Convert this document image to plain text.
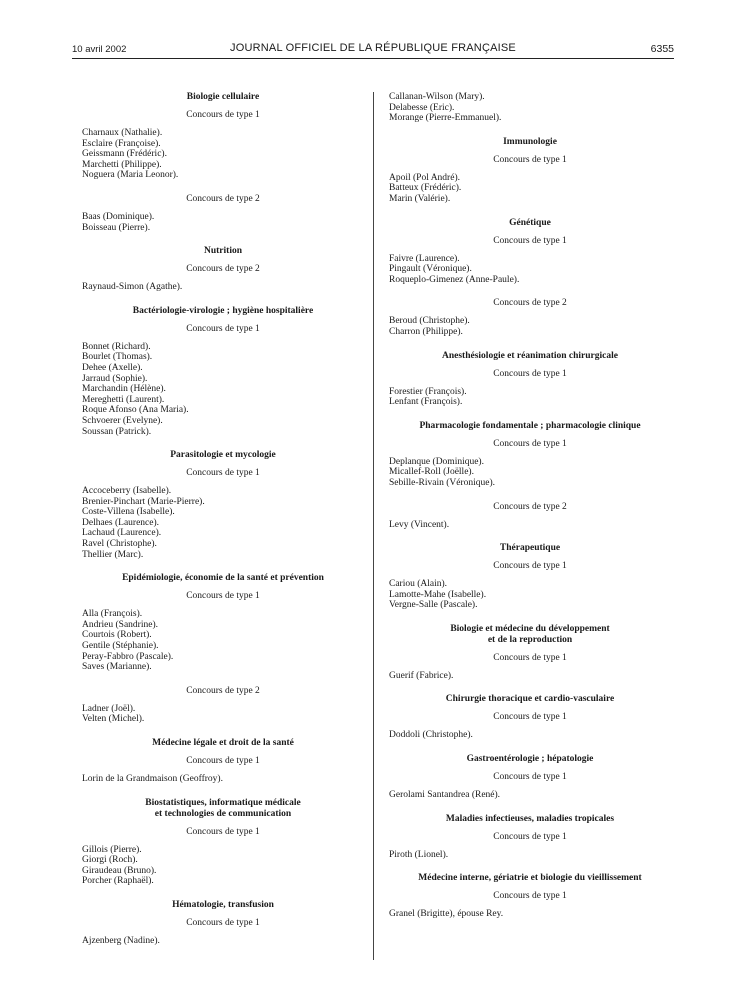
10 avril 2002	JOURNAL OFFICIEL DE LA RÉPUBLIQUE FRANÇAISE	6355
Biologie cellulaire
Concours de type 1
Charnaux (Nathalie).
Esclaire (Françoise).
Geissmann (Frédéric).
Marchetti (Philippe).
Noguera (Maria Leonor).
Concours de type 2
Baas (Dominique).
Boisseau (Pierre).
Nutrition
Concours de type 2
Raynaud-Simon (Agathe).
Bactériologie-virologie ; hygiène hospitalière
Concours de type 1
Bonnet (Richard).
Bourlet (Thomas).
Dehee (Axelle).
Jarraud (Sophie).
Marchandin (Hélène).
Mereghetti (Laurent).
Roque Afonso (Ana Maria).
Schvoerer (Evelyne).
Soussan (Patrick).
Parasitologie et mycologie
Concours de type 1
Accoceberry (Isabelle).
Brenier-Pinchart (Marie-Pierre).
Coste-Villena (Isabelle).
Delhaes (Laurence).
Lachaud (Laurence).
Ravel (Christophe).
Thellier (Marc).
Epidémiologie, économie de la santé et prévention
Concours de type 1
Alla (François).
Andrieu (Sandrine).
Courtois (Robert).
Gentile (Stéphanie).
Peray-Fabbro (Pascale).
Saves (Marianne).
Concours de type 2
Ladner (Joël).
Velten (Michel).
Médecine légale et droit de la santé
Concours de type 1
Lorin de la Grandmaison (Geoffroy).
Biostatistiques, informatique médicale
et technologies de communication
Concours de type 1
Gillois (Pierre).
Giorgi (Roch).
Giraudeau (Bruno).
Porcher (Raphaël).
Hématologie, transfusion
Concours de type 1
Ajzenberg (Nadine).
Callanan-Wilson (Mary).
Delabesse (Eric).
Morange (Pierre-Emmanuel).
Immunologie
Concours de type 1
Apoil (Pol André).
Batteux (Frédéric).
Marin (Valérie).
Génétique
Concours de type 1
Faivre (Laurence).
Pingault (Véronique).
Roqueplo-Gimenez (Anne-Paule).
Concours de type 2
Beroud (Christophe).
Charron (Philippe).
Anesthésiologie et réanimation chirurgicale
Concours de type 1
Forestier (François).
Lenfant (François).
Pharmacologie fondamentale ; pharmacologie clinique
Concours de type 1
Deplanque (Dominique).
Micallef-Roll (Joëlle).
Sebille-Rivain (Véronique).
Concours de type 2
Levy (Vincent).
Thérapeutique
Concours de type 1
Cariou (Alain).
Lamotte-Mahe (Isabelle).
Vergne-Salle (Pascale).
Biologie et médecine du développement
et de la reproduction
Concours de type 1
Guerif (Fabrice).
Chirurgie thoracique et cardio-vasculaire
Concours de type 1
Doddoli (Christophe).
Gastroentérologie ; hépatologie
Concours de type 1
Gerolami Santandrea (René).
Maladies infectieuses, maladies tropicales
Concours de type 1
Piroth (Lionel).
Médecine interne, gériatrie et biologie du vieillissement
Concours de type 1
Granel (Brigitte), épouse Rey.
